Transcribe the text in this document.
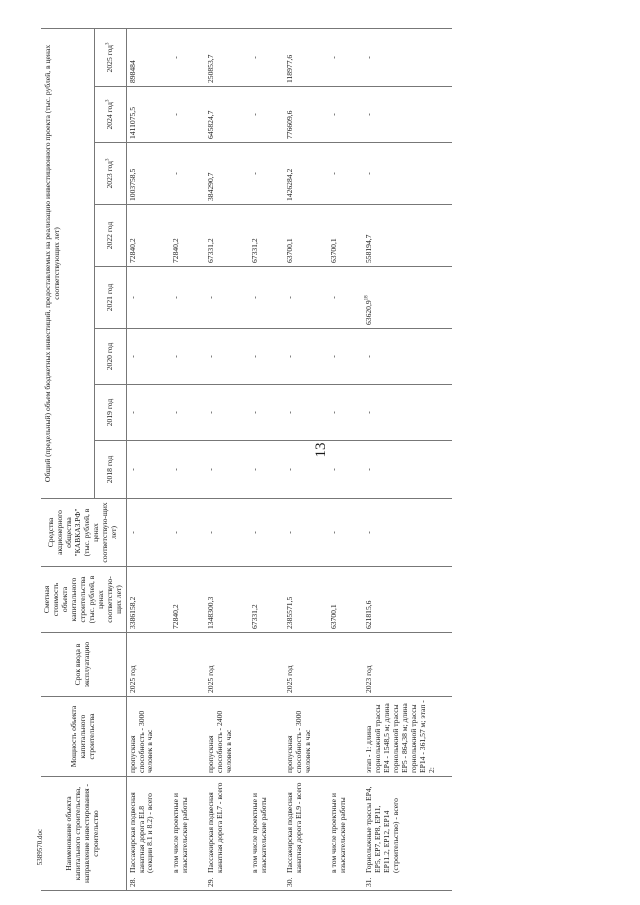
13
5389570.doc	Наименование объекта капитального строительства, направление инвестирования - строительство	Мощность объекта капитального строительства	Срок ввода в эксплуатацию	Сметная стоимость объекта капитального строительства (тыс. рублей, в ценах соответствую-щих лет)	Средства акционерного общества "КАВКАЗ.РФ" (тыс. рублей, в ценах соответствую-щих лет)	Общий (предельный) объем бюджетных инвестиций, предоставляемых на реализацию инвестиционного проекта (тыс. рублей, в ценах соответствующих лет)							
					2018 год	2019 год	2020 год	2021 год	2022 год	2023 год$^3$	2024 год$^3$	2025 год$^3$
28.Пассажирская подвесная канатная дорога EL8 (секции 8.1 и 8.2) - всего	пропускная способность - 3000 человек в час	2025 год	3386158,2	-	-	-	-	-	72840,2	1003758,5	1411075,5	898484

в том числе проектные и изыскательские работы			72840,2	-	-	-	-	-	72840,2	-	-	-

29.Пассажирская подвесная канатная дорога EL7 - всего	пропускная способность - 2400 человек в час	2025 год	1348300,3	-	-	-	-	-	67331,2	384290,7	645824,7	250853,7

в том числе проектные и изыскательские работы			67331,2	-	-	-	-	-	67331,2	-	-	-

30.Пассажирская подвесная канатная дорога EL9 - всего	пропускная способность - 3000 человек в час	2025 год	2385571,5	-	-	-	-	-	63700,1	1426284,2	776609,6	118977,6

в том числе проектные и изыскательские работы			63700,1	-	-	-	-	-	63700,1	-	-	-

31.Горнолыжные трассы EP4, EP5, EP7, EP8, EP11, EP11.2, EP12, EP14 (строительство) - всего	этап - 1: длина горнолыжной трассы EP4 - 1548,5 м; длина горнолыжной трассы EP5 - 864,38 м; длина горнолыжной трассы EP14 - 361,57 м; этап - 2:	2023 год	621815,6	-	-	-	-	63620,9$^{18}$	558194,7	-	-	-
